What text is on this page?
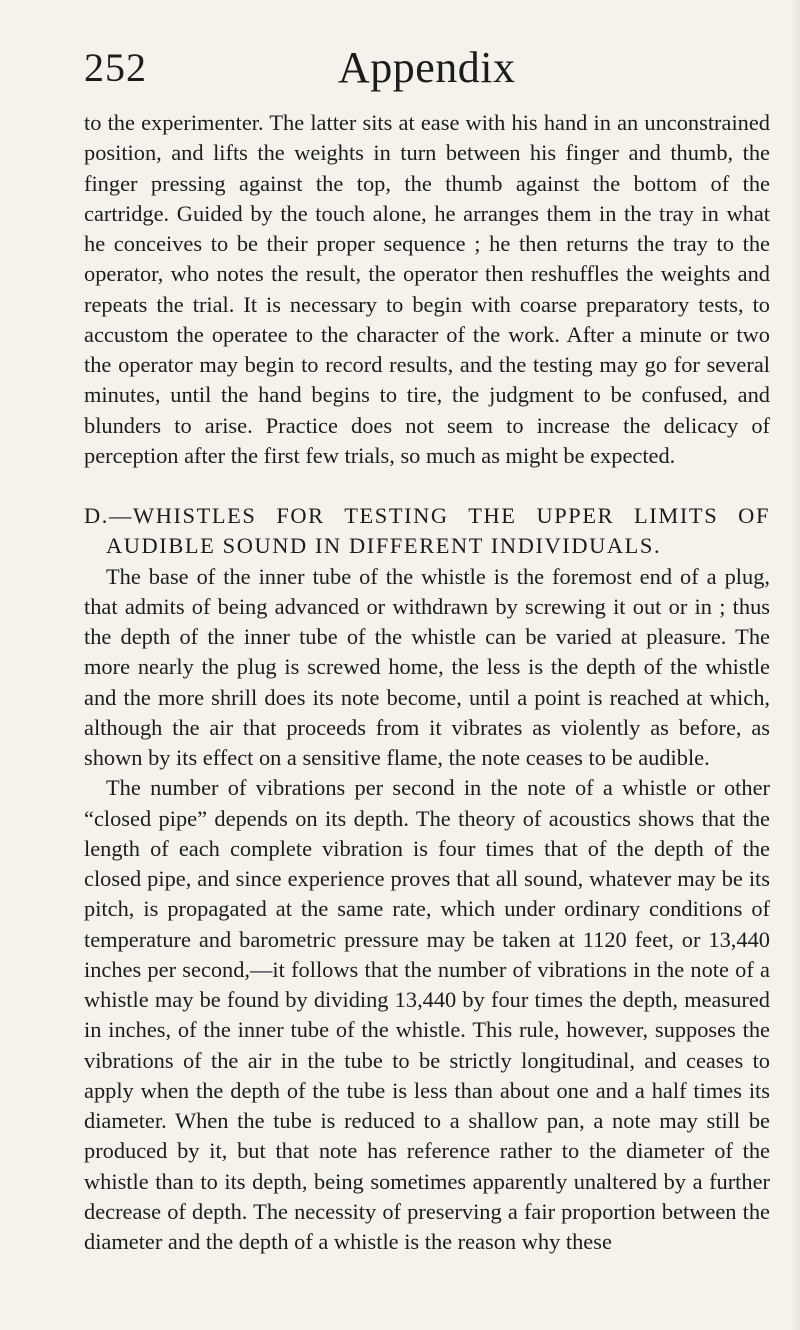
252	Appendix

to the experimenter. The latter sits at ease with his hand in an unconstrained position, and lifts the weights in turn between his finger and thumb, the finger pressing against the top, the thumb against the bottom of the cartridge. Guided by the touch alone, he arranges them in the tray in what he conceives to be their proper sequence ; he then returns the tray to the operator, who notes the result, the operator then reshuffles the weights and repeats the trial. It is necessary to begin with coarse preparatory tests, to accustom the operatee to the character of the work. After a minute or two the operator may begin to record results, and the testing may go for several minutes, until the hand begins to tire, the judgment to be confused, and blunders to arise. Practice does not seem to increase the delicacy of perception after the first few trials, so much as might be expected.

D.—WHISTLES FOR TESTING THE UPPER LIMITS OF AUDIBLE SOUND IN DIFFERENT INDIVIDUALS.

The base of the inner tube of the whistle is the foremost end of a plug, that admits of being advanced or withdrawn by screwing it out or in ; thus the depth of the inner tube of the whistle can be varied at pleasure. The more nearly the plug is screwed home, the less is the depth of the whistle and the more shrill does its note become, until a point is reached at which, although the air that proceeds from it vibrates as violently as before, as shown by its effect on a sensitive flame, the note ceases to be audible.

The number of vibrations per second in the note of a whistle or other “closed pipe” depends on its depth. The theory of acoustics shows that the length of each complete vibration is four times that of the depth of the closed pipe, and since experience proves that all sound, whatever may be its pitch, is propagated at the same rate, which under ordinary conditions of temperature and barometric pressure may be taken at 1120 feet, or 13,440 inches per second,—it follows that the number of vibrations in the note of a whistle may be found by dividing 13,440 by four times the depth, measured in inches, of the inner tube of the whistle. This rule, however, supposes the vibrations of the air in the tube to be strictly longitudinal, and ceases to apply when the depth of the tube is less than about one and a half times its diameter. When the tube is reduced to a shallow pan, a note may still be produced by it, but that note has reference rather to the diameter of the whistle than to its depth, being sometimes apparently unaltered by a further decrease of depth. The necessity of preserving a fair proportion between the diameter and the depth of a whistle is the reason why these
